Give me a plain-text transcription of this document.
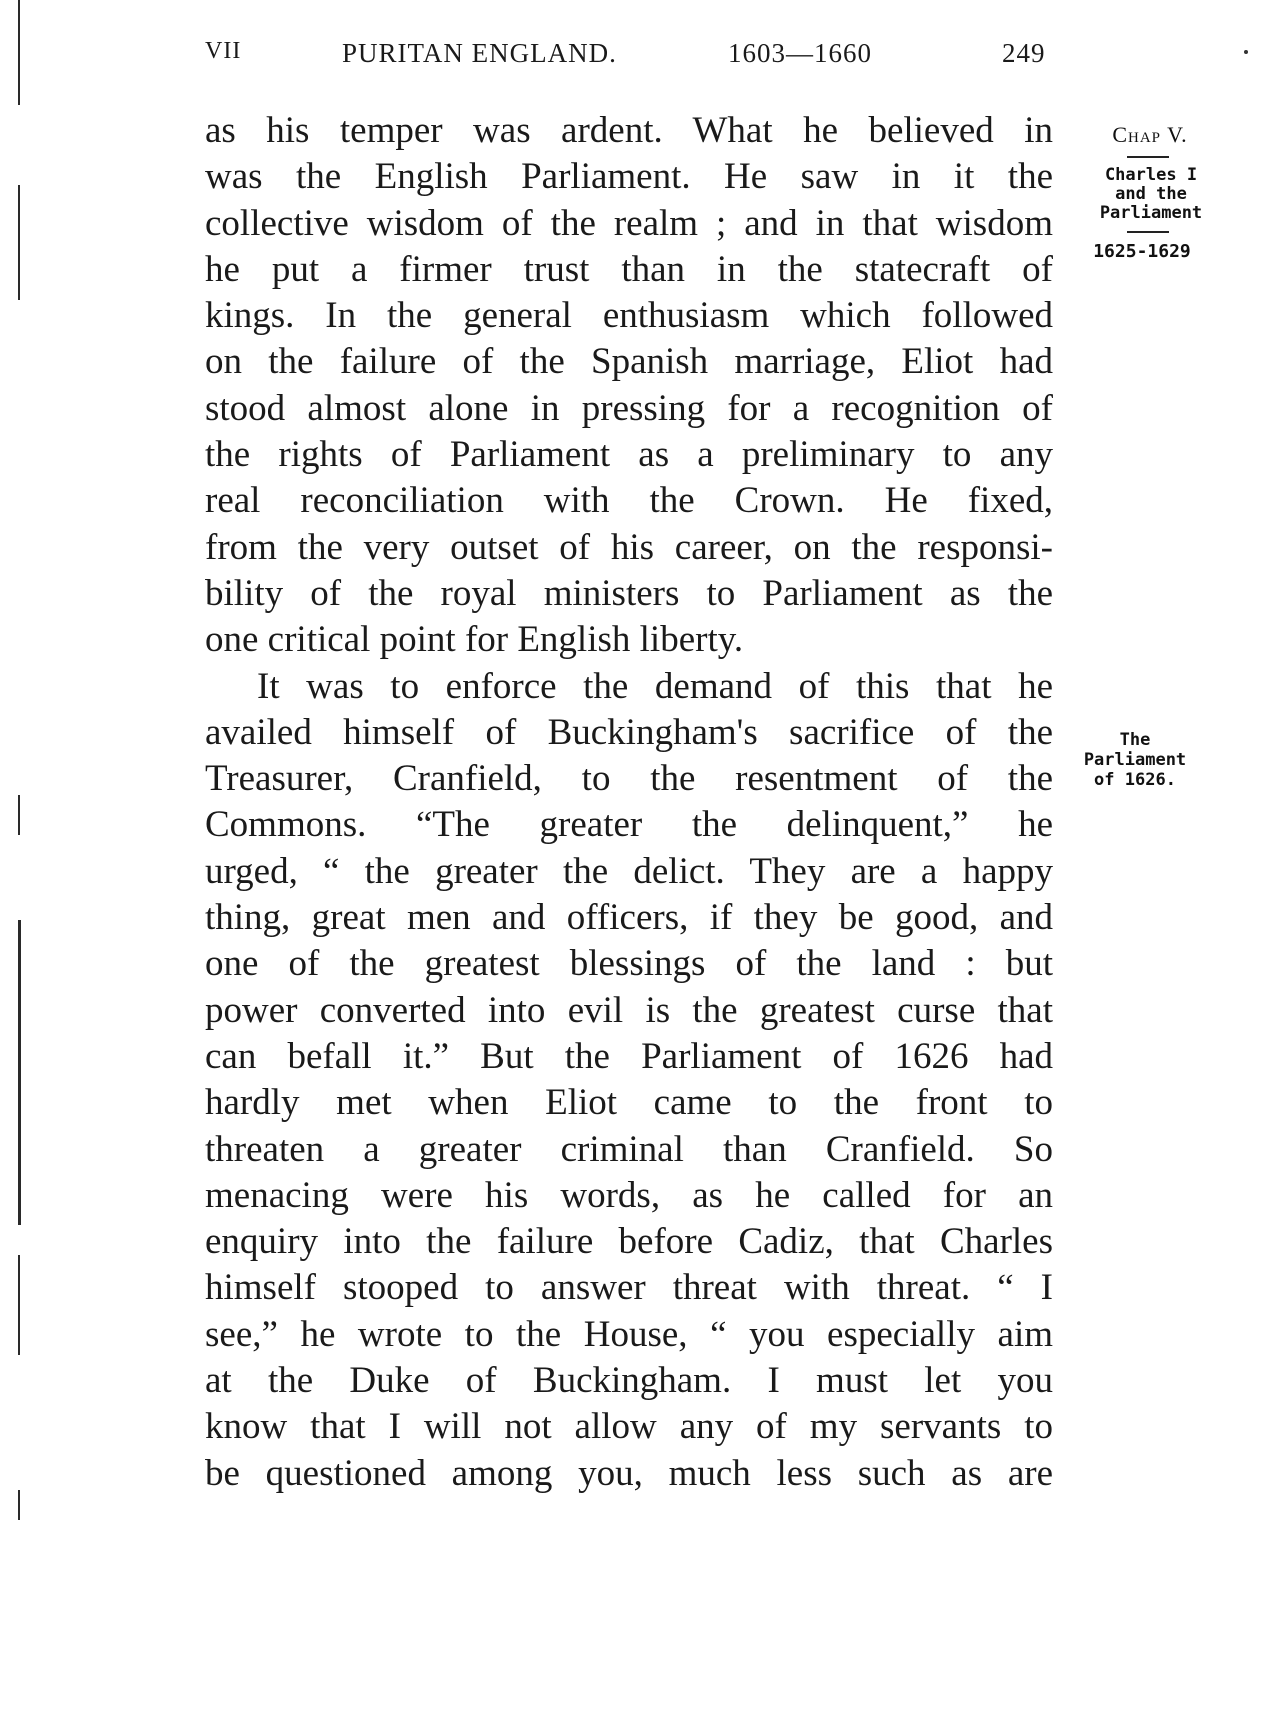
VII	PURITAN ENGLAND.	1603—1660	249
Chap V.
Charles I
and the
Parliament
1625-1629
The
Parliament
of 1626.
as his temper was ardent. What he believed in
was the English Parliament. He saw in it the
collective wisdom of the realm ; and in that wisdom
he put a firmer trust than in the statecraft of
kings. In the general enthusiasm which followed
on the failure of the Spanish marriage, Eliot had
stood almost alone in pressing for a recognition of
the rights of Parliament as a preliminary to any
real reconciliation with the Crown. He fixed,
from the very outset of his career, on the responsi-
bility of the royal ministers to Parliament as the
one critical point for English liberty.
It was to enforce the demand of this that he
availed himself of Buckingham's sacrifice of the
Treasurer, Cranfield, to the resentment of the
Commons. “The greater the delinquent,” he
urged, “ the greater the delict. They are a happy
thing, great men and officers, if they be good, and
one of the greatest blessings of the land : but
power converted into evil is the greatest curse that
can befall it.” But the Parliament of 1626 had
hardly met when Eliot came to the front to
threaten a greater criminal than Cranfield. So
menacing were his words, as he called for an
enquiry into the failure before Cadiz, that Charles
himself stooped to answer threat with threat. “ I
see,” he wrote to the House, “ you especially aim
at the Duke of Buckingham. I must let you
know that I will not allow any of my servants to
be questioned among you, much less such as are
